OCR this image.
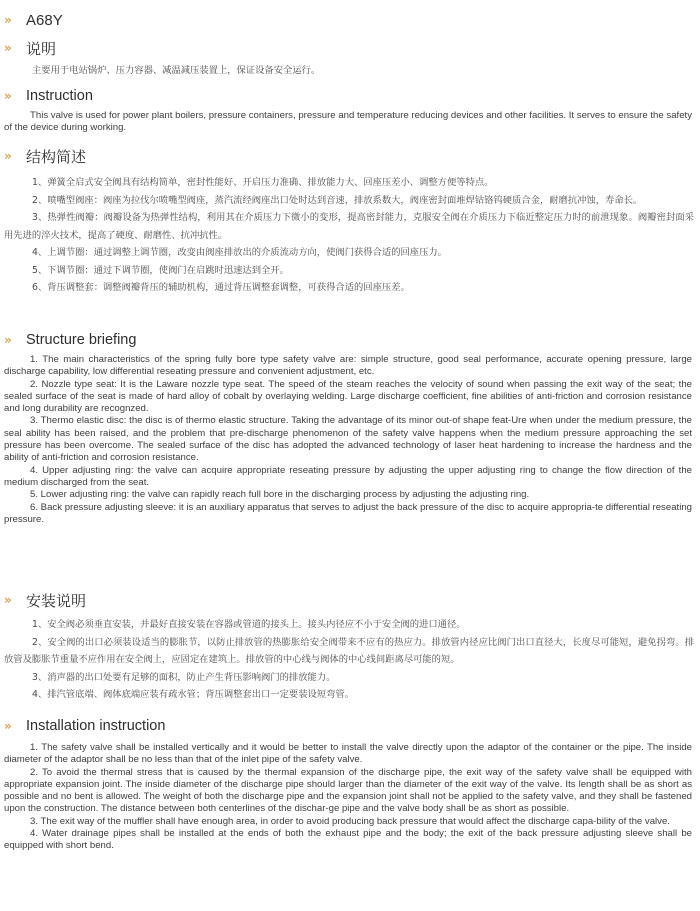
»	A68Y
»	说明

主要用于电站锅炉、压力容器、减温减压装置上，保证设备安全运行。

»	Instruction

This valve is used for power plant boilers, pressure containers, pressure and temperature reducing devices and other facilities. It serves to ensure the safety of the device during working.

»	结构简述

1、弹簧全启式安全阀具有结构简单，密封性能好、开启压力准确、排放能力大、回座压差小、调整方便等特点。

2、喷嘴型阀座：阀座为拉伐尔喷嘴型阀座，蒸汽流经阀座出口处时达到音速，排放系数大，阀座密封面堆焊钴铬钨硬质合金，耐磨抗冲蚀，寿命长。

3、热弹性阀瓣：阀瓣设备为热弹性结构，利用其在介质压力下微小的变形，提高密封能力，克服安全阀在介质压力下临近整定压力时的前泄现象。阀瓣密封面采用先进的淬火技术，提高了硬度、耐磨性、抗冲抗性。

4、上调节圈：通过调整上调节圈，改变由阀座排放出的介质流动方向，使阀门获得合适的回座压力。

5、下调节圈：通过下调节圈，使阀门在启跳时迅速达到全开。

6、背压调整套：调整阀瓣背压的辅助机构，通过背压调整套调整，可获得合适的回座压差。

»	Structure briefing

1. The main characteristics of the spring fully bore type safety valve are: simple structure, good seal performance, accurate opening pressure, large discharge capability, low differential reseating pressure and convenient adjustment, etc.

2. Nozzle type seat: It is the Laware nozzle type seat. The speed of the steam reaches the velocity of sound when passing the exit way of the seat; the sealed surface of the seat is made of hard alloy of cobalt by overlaying welding. Large discharge coefficient, fine abilities of anti-friction and corrosion resistance and long durability are recognzed.

3. Thermo elastic disc: the disc is of thermo elastic structure. Taking the advantage of its minor out-of shape feat-Ure when under the medium pressure, the seal ability has been raised, and the problem that pre-discharge phenomenon of the safety valve happens when the medium pressure approaching the set pressure has been overcome. The sealed surface of the disc has adopted the advanced technology of laser heat hardening to increase the hardness and the ability of anti-friction and corrosion resistance.

4. Upper adjusting ring: the valve can acquire appropriate reseating pressure by adjusting the upper adjusting ring to change the flow direction of the medium discharged from the seat.

5. Lower adjusting ring: the valve can rapidly reach full bore in the discharging process by adjusting the adjusting ring.

6. Back pressure adjusting sleeve: it is an auxiliary apparatus that serves to adjust the back pressure of the disc to acquire appropria-te differential reseating pressure.

»	安装说明

1、安全阀必须垂直安装，并最好直接安装在容器或管道的接头上。接头内径应不小于安全阀的进口通径。

2、安全阀的出口必须装设适当的膨胀节，以防止排放管的热膨胀给安全阀带来不应有的热应力。排放管内径应比阀门出口直径大，长度尽可能短，避免拐弯。排放管及膨胀节重量不应作用在安全阀上，应固定在建筑上。排放管的中心线与阀体的中心线间距离尽可能的短。

3、消声器的出口处要有足够的面积，防止产生背压影响阀门的排放能力。

4、排汽管底端、阀体底端应装有疏水管；背压调整套出口一定要装设短弯管。

»	Installation instruction

1. The safety valve shall be installed vertically and it would be better to install the valve directly upon the adaptor of the container or the pipe. The inside diameter of the adaptor shall be no less than that of the inlet pipe of the safety valve.

2. To avoid the thermal stress that is caused by the thermal expansion of the discharge pipe, the exit way of the safety valve shall be equipped with appropriate expansion joint. The inside diameter of the discharge pipe should larger than the diameter of the exit way of the valve. Its length shall be as short as possible and no bent is allowed. The weight of both the discharge pipe and the expansion joint shall not be applied to the safety valve, and they shall be fastened upon the construction. The distance between both centerlines of the dischar-ge pipe and the valve body shall be as short as possible.

3. The exit way of the muffler shall have enough area, in order to avoid producing back pressure that would affect the discharge capa-bility of the valve.

4. Water drainage pipes shall be installed at the ends of both the exhaust pipe and the body; the exit of the back pressure adjusting sleeve shall be equipped with short bend.
